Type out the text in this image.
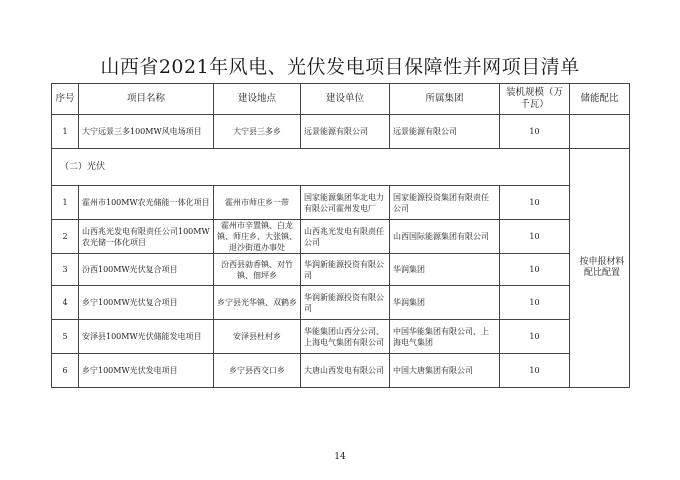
山西省2021年风电、光伏发电项目保障性并网项目清单
序号	项目名称	建设地点	建设单位	所属集团	装机规模（万千瓦）	储能配比
1	大宁远景三多100MW风电场项目	大宁县三多乡	远景能源有限公司	远景能源有限公司	10	
（二）光伏						按申报材料配比配置
1	霍州市100MW农光储能一体化项目	霍州市师庄乡一带	国家能源集团华北电力有限公司霍州发电厂	国家能源投资集团有限责任公司	10	
2	山西兆光发电有限责任公司100MW农光储一体化项目	霍州市辛置镇、白龙镇、师庄乡、大张镇、退沙街道办事处	山西兆光发电有限责任公司	山西国际能源集团有限公司	10	
3	汾西100MW光伏复合项目	汾西县勍香镇、对竹镇、佃坪乡	华润新能源投资有限公司	华润集团	10	
4	乡宁100MW光伏复合项目	乡宁县光华镇、双鹤乡	华润新能源投资有限公司	华润集团	10	
5	安泽县100MW光伏储能发电项目	安泽县杜村乡	华能集团山西分公司、上海电气集团有限公司	中国华能集团有限公司、上海电气集团	10	
6	乡宁100MW光伏发电项目	乡宁县西交口乡	大唐山西发电有限公司	中国大唐集团有限公司	10	
14
